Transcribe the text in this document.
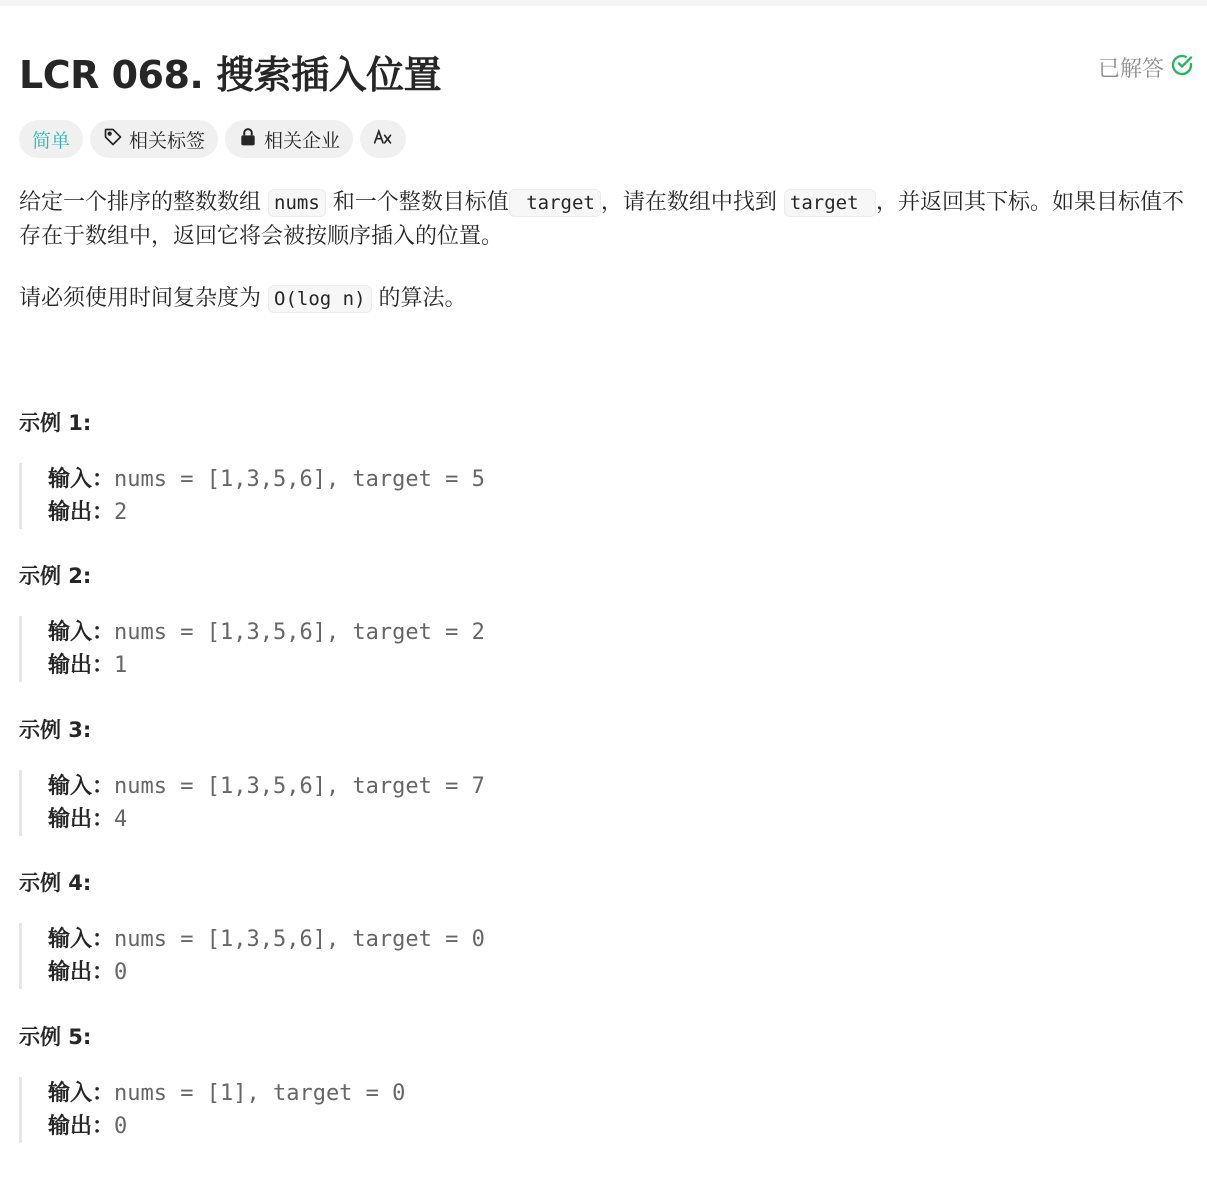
LCR 068. 搜索插入位置	已解答
简单	相关标签	相关企业

给定一个排序的整数数组 nums 和一个整数目标值 target ，请在数组中找到 target ，并返回其下标。如果目标值不存在于数组中，返回它将会被按顺序插入的位置。

请必须使用时间复杂度为 O(log n) 的算法。

示例 1:
输入：nums = [1,3,5,6], target = 5
输出：2
示例 2:
输入：nums = [1,3,5,6], target = 2
输出：1
示例 3:
输入：nums = [1,3,5,6], target = 7
输出：4
示例 4:
输入：nums = [1,3,5,6], target = 0
输出：0
示例 5:
输入：nums = [1], target = 0
输出：0
